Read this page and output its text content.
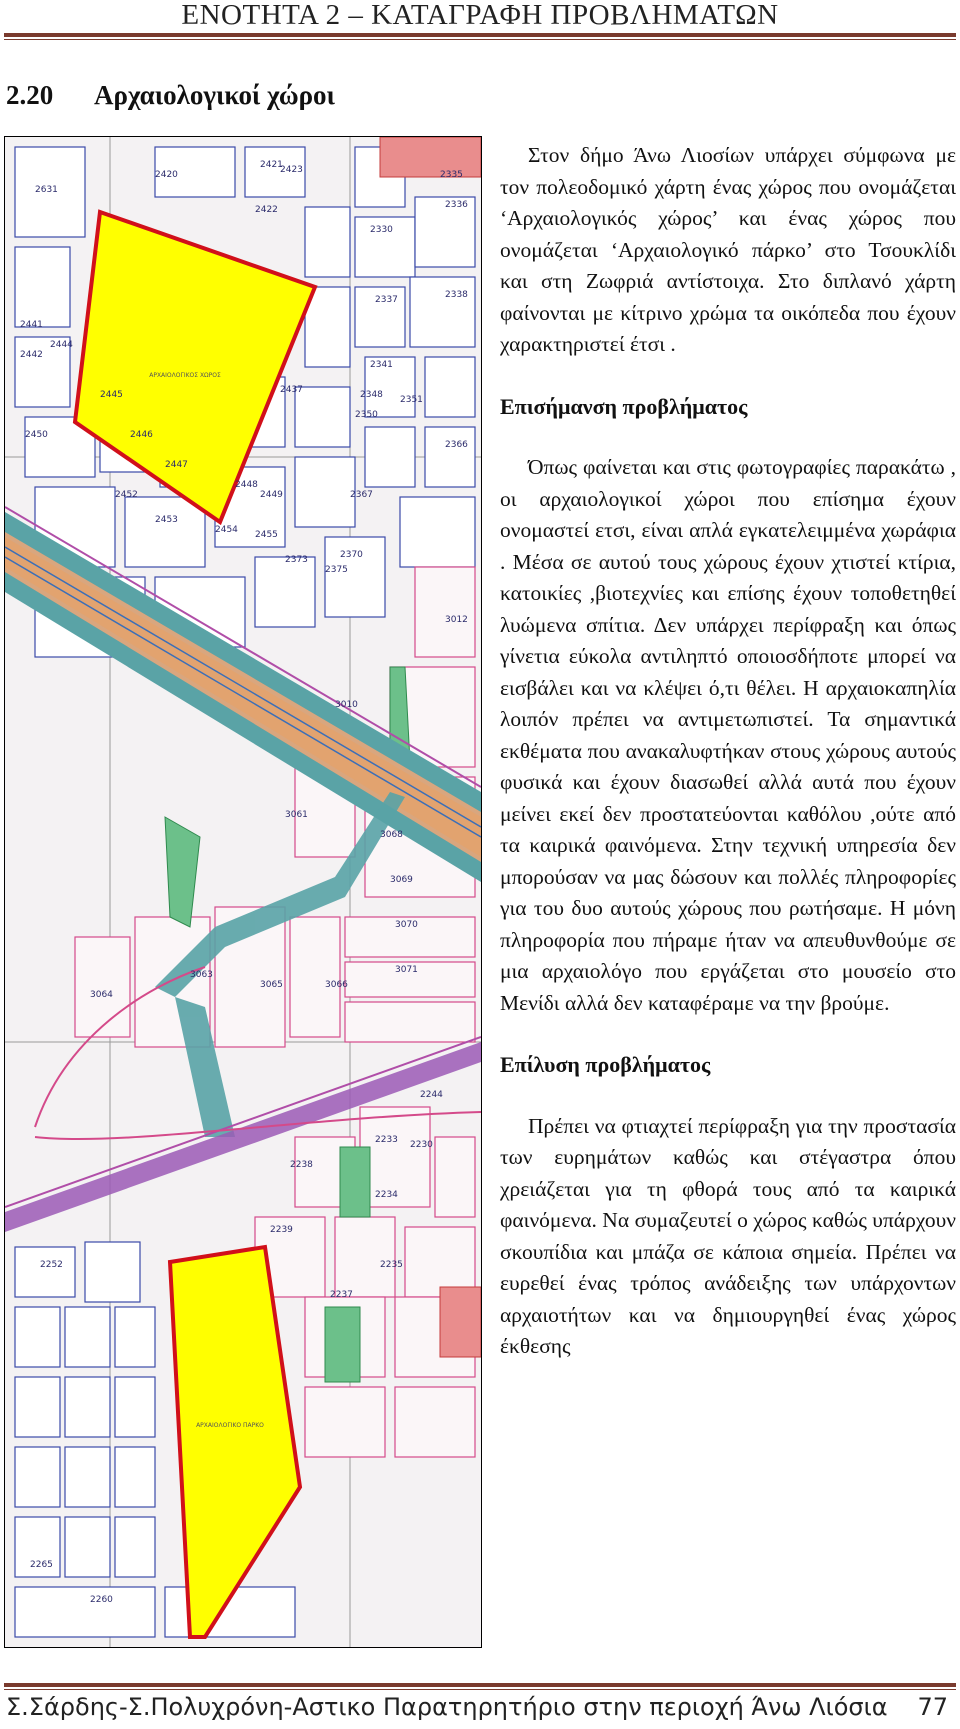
ΕΝΟΤΗΤΑ 2 – ΚΑΤΑΓΡΑΦΗ ΠΡΟΒΛΗΜΑΤΩΝ
2.20 Αρχαιολογικοί χώροι
ΑΡΧΑΙΟΛΟΓΙΚΟΣ ΧΩΡΟΣ
ΑΡΧΑΙΟΛΟΓΙΚΟ ΠΑΡΚΟ
2420
2421
2422
2423
2336
2335
2330
2337	2338
2341
2448
2446
2447
2449
2445
2452
2453
2454 2455
2367
2370
2373
2375
3012
3010
3061
3068
3069
3070
3071
3065	3066
3063
3064
2233 2230
2234
2235
2237
2239
2252
2260
2265
2631
2441
2442
2444
2450
2437	2348
2350
2351
2366
2238
2244

Στον δήμο Άνω Λιοσίων υπάρχει σύμφωνα με τον πολεοδομικό χάρτη ένας χώρος που ονομάζεται ‘Αρχαιολογικός χώρος’ και ένας χώρος που ονομάζεται ‘Αρχαιολογικό πάρκο’ στο Τσουκλίδι και στη Ζωφριά αντίστοιχα. Στο διπλανό χάρτη φαίνονται με κίτρινο χρώμα τα οικόπεδα που έχουν χαρακτηριστεί έτσι .

Επισήμανση προβλήματος

Όπως φαίνεται και στις φωτογραφίες παρακάτω , οι αρχαιολογικοί χώροι που επίσημα έχουν ονομαστεί ετσι, είναι απλά εγκατελειμμένα χωράφια . Μέσα σε αυτού τους χώρους έχουν χτιστεί κτίρια, κατοικίες ,βιοτεχνίες και επίσης έχουν τοποθετηθεί λυώμενα σπίτια. Δεν υπάρχει περίφραξη και όπως γίνετια εύκολα αντιληπτό οποιοσδήποτε μπορεί να εισβάλει και να κλέψει ό,τι θέλει. Η αρχαιοκαπηλία λοιπόν πρέπει να αντιμετωπιστεί. Τα σημαντικά εκθέματα που ανακαλυφτήκαν στους χώρους αυτούς φυσικά και έχουν διασωθεί αλλά αυτά που έχουν μείνει εκεί δεν προστατεύονται καθόλου ,ούτε από τα καιρικά φαινόμενα. Στην τεχνική υπηρεσία δεν μπορούσαν να μας δώσουν και πολλές πληροφορίες για του δυο αυτούς χώρους που ρωτήσαμε. Η μόνη πληροφορία που πήραμε ήταν να απευθυνθούμε σε μια αρχαιολόγο που εργάζεται στο μουσείο στο Μενίδι αλλά δεν καταφέραμε να την βρούμε.

Επίλυση προβλήματος

Πρέπει να φτιαχτεί περίφραξη για την προστασία των ευρημάτων καθώς και στέγαστρα όπου χρειάζεται για τη φθορά τους από τα καιρικά φαινόμενα. Να συμαζευτεί ο χώρος καθώς υπάρχουν σκουπίδια και μπάζα σε κάποια σημεία. Πρέπει να ευρεθεί ένας τρόπος ανάδειξης των υπάρχοντων αρχαιοτήτων και να δημιουργηθεί ένας χώρος έκθεσης

Σ.Σάρδης-Σ.Πολυχρόνη-Αστικο Παρατηρητήριο στην περιοχή Άνω Λιόσια 77
